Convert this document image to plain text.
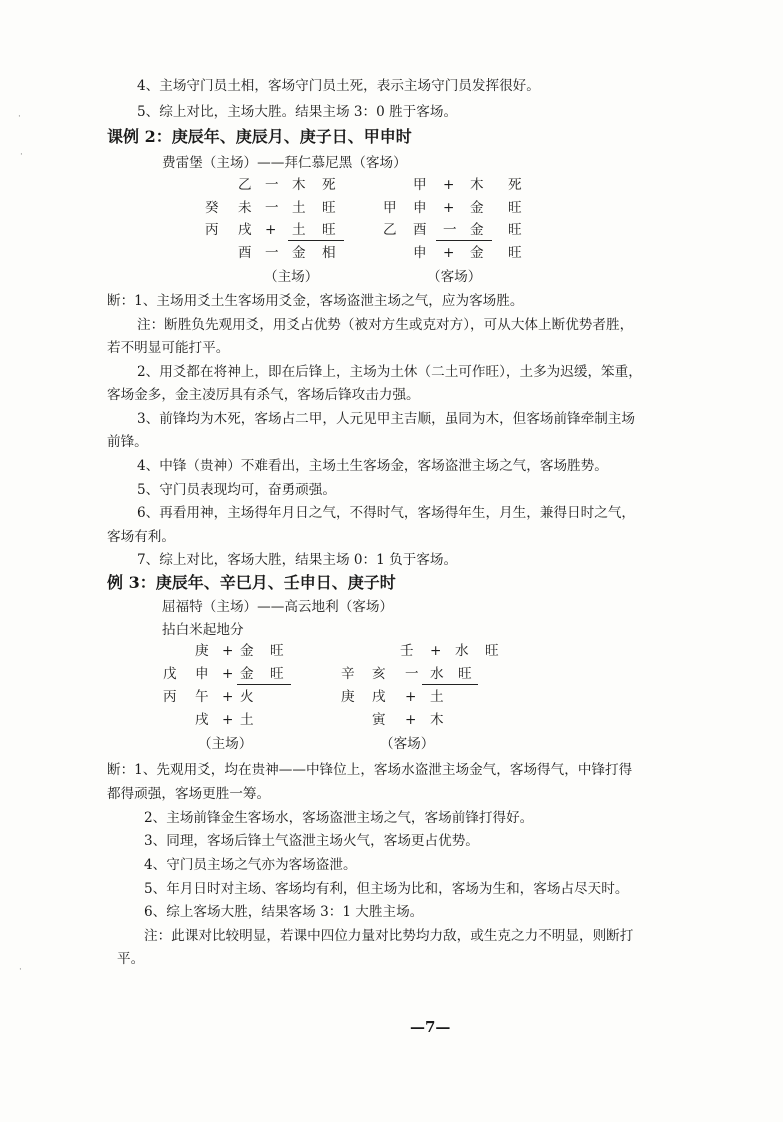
4、主场守门员土相，客场守门员土死，表示主场守门员发挥很好。
5、综上对比，主场大胜。结果主场 3：0 胜于客场。
课例 2：庚辰年、庚辰月、庚子日、甲申时
费雷堡（主场）——拜仁慕尼黑（客场）
乙 一 木 死
癸 未 一 土 旺
丙 戌 + 土 旺
酉 一 金 相
甲 + 木 死
甲 申 + 金 旺
乙 酉 一 金 旺
申 + 金 旺
（主场）	（客场）
断：1、主场用爻土生客场用爻金，客场盗泄主场之气，应为客场胜。
注：断胜负先观用爻，用爻占优势（被对方生或克对方），可从大体上断优势者胜，
若不明显可能打平。
2、用爻都在将神上，即在后锋上，主场为土休（二土可作旺），土多为迟缓，笨重，
客场金多，金主凌厉具有杀气，客场后锋攻击力强。
3、前锋均为木死，客场占二甲，人元见甲主吉顺，虽同为木，但客场前锋牵制主场
前锋。
4、中锋（贵神）不难看出，主场土生客场金，客场盗泄主场之气，客场胜势。
5、守门员表现均可，奋勇顽强。
6、再看用神，主场得年月日之气，不得时气，客场得年生，月生，兼得日时之气，
客场有利。
7、综上对比，客场大胜，结果主场 0：1 负于客场。
例 3：庚辰年、辛巳月、壬申日、庚子时
屈福特（主场）——高云地利（客场）
拈白米起地分
庚 + 金 旺
戊 申 + 金 旺
丙 午 + 火
戌 + 土
壬 + 水 旺
辛 亥 一 水 旺
庚 戌 + 土
寅 + 木
（主场）	（客场）
断：1、先观用爻，均在贵神——中锋位上，客场水盗泄主场金气，客场得气，中锋打得
都得顽强，客场更胜一筹。
2、主场前锋金生客场水，客场盗泄主场之气，客场前锋打得好。
3、同理，客场后锋土气盗泄主场火气，客场更占优势。
4、守门员主场之气亦为客场盗泄。
5、年月日时对主场、客场均有利，但主场为比和，客场为生和，客场占尽天时。
6、综上客场大胜，结果客场 3：1 大胜主场。
注：此课对比较明显，若课中四位力量对比势均力敌，或生克之力不明显，则断打
平。
—7—
·
·
·
